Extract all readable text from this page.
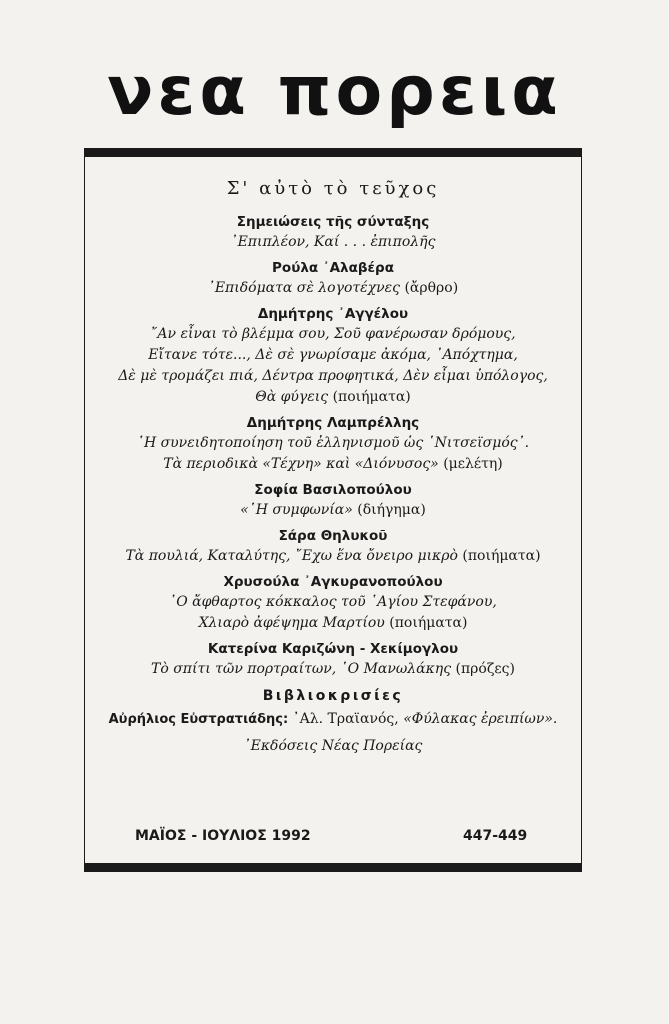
νεα πορεια
Σ' αὐτὸ τὸ τεῦχος
Σημειώσεις τῆς σύνταξης
᾿Επιπλέον, Καί . . . ἐπιπολῆς
Ρούλα ᾿Αλαβέρα
᾿Επιδόματα σὲ λογοτέχνες (ἄρθρο)
Δημήτρης ᾿Αγγέλου
῎Αν εἶναι τὸ βλέμμα σου, Σοῦ φανέρωσαν δρόμους,
Εἴτανε τότε..., Δὲ σὲ γνωρίσαμε ἀκόμα, ᾿Απόχτημα,
Δὲ μὲ τρομάζει πιά, Δέντρα προφητικά, Δὲν εἶμαι ὑπόλογος,
Θὰ φύγεις (ποιήματα)
Δημήτρης Λαμπρέλλης
῾Η συνειδητοποίηση τοῦ ἑλληνισμοῦ ὡς ῾Νιτσεϊσμός᾿.
Τὰ περιοδικὰ «Τέχνη» καὶ «Διόνυσος» (μελέτη)
Σοφία Βασιλοπούλου
«῾Η συμφωνία» (διήγημα)
Σάρα Θηλυκοῦ
Τὰ πουλιά, Καταλύτης, ῎Εχω ἕνα ὄνειρο μικρὸ (ποιήματα)
Χρυσούλα ᾿Αγκυρανοπούλου
῾Ο ἄφθαρτος κόκκαλος τοῦ ῾Αγίου Στεφάνου,
Χλιαρὸ ἀφέψημα Μαρτίου (ποιήματα)
Κατερίνα Καριζώνη - Χεκίμογλου
Τὸ σπίτι τῶν πορτραίτων, ῾Ο Μανωλάκης (πρόζες)
Βιβλιοκρισίες
Αὐρήλιος Εὐστρατιάδης: ᾿Αλ. Τραϊανός, «Φύλακας ἐρειπίων».
᾿Εκδόσεις Νέας Πορείας
ΜΑΪΟΣ - ΙΟΥΛΙΟΣ 1992	447-449
